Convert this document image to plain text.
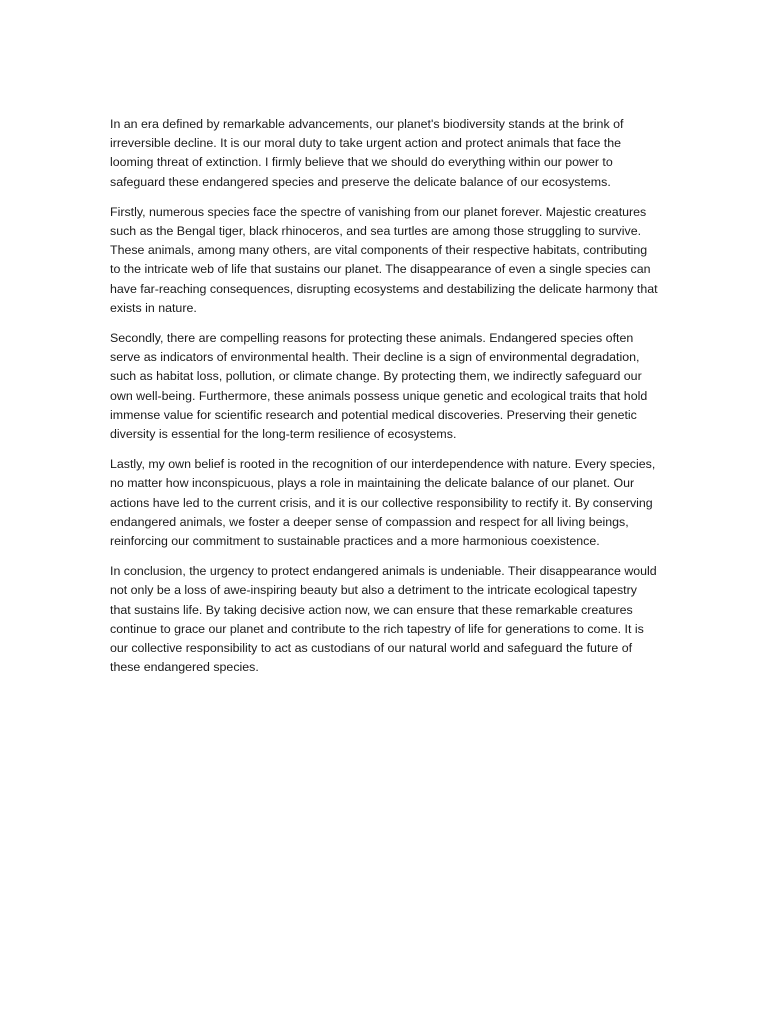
In an era defined by remarkable advancements, our planet's biodiversity stands at the brink of irreversible decline. It is our moral duty to take urgent action and protect animals that face the looming threat of extinction. I firmly believe that we should do everything within our power to safeguard these endangered species and preserve the delicate balance of our ecosystems.

Firstly, numerous species face the spectre of vanishing from our planet forever. Majestic creatures such as the Bengal tiger, black rhinoceros, and sea turtles are among those struggling to survive. These animals, among many others, are vital components of their respective habitats, contributing to the intricate web of life that sustains our planet. The disappearance of even a single species can have far-reaching consequences, disrupting ecosystems and destabilizing the delicate harmony that exists in nature.

Secondly, there are compelling reasons for protecting these animals. Endangered species often serve as indicators of environmental health. Their decline is a sign of environmental degradation, such as habitat loss, pollution, or climate change. By protecting them, we indirectly safeguard our own well-being. Furthermore, these animals possess unique genetic and ecological traits that hold immense value for scientific research and potential medical discoveries. Preserving their genetic diversity is essential for the long-term resilience of ecosystems.

Lastly, my own belief is rooted in the recognition of our interdependence with nature. Every species, no matter how inconspicuous, plays a role in maintaining the delicate balance of our planet. Our actions have led to the current crisis, and it is our collective responsibility to rectify it. By conserving endangered animals, we foster a deeper sense of compassion and respect for all living beings, reinforcing our commitment to sustainable practices and a more harmonious coexistence.

In conclusion, the urgency to protect endangered animals is undeniable. Their disappearance would not only be a loss of awe-inspiring beauty but also a detriment to the intricate ecological tapestry that sustains life. By taking decisive action now, we can ensure that these remarkable creatures continue to grace our planet and contribute to the rich tapestry of life for generations to come. It is our collective responsibility to act as custodians of our natural world and safeguard the future of these endangered species.
